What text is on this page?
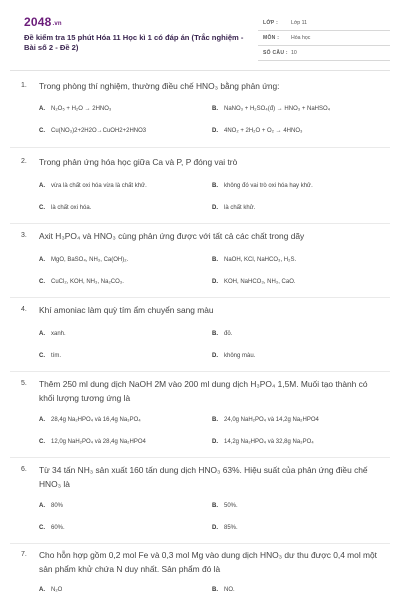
2048.vn
Đề kiểm tra 15 phút Hóa 11 Học kì 1 có đáp án (Trắc nghiệm - Bài số 2 - Đề 2)
LỚP : Lớp 11
MÔN : Hóa học
SỐ CÂU : 10
1. Trong phòng thí nghiệm, thường điều chế HNO₃ bằng phản ứng:
A. N₂O₅ + H₂O → 2HNO₃	B. NaNO₃ + H₂SO₄(đ) → HNO₃ + NaHSO₄
C. Cu(NO₃)2+2H2O→CuOH2+2HNO3	D. 4NO₂ + 2H₂O + O₂ → 4HNO₃
2. Trong phản ứng hóa học giữa Ca và P, P đóng vai trò
A. vừa là chất oxi hóa vừa là chất khử.	B. không đó vai trò oxi hóa hay khử.
C. là chất oxi hóa.	D. là chất khử.
3. Axit H₃PO₄ và HNO₃ cùng phản ứng được với tất cả các chất trong dãy
A. MgO, BaSO₄, NH₃, Ca(OH)₂.	B. NaOH, KCl, NaHCO₃, H₂S.
C. CuCl₂, KOH, NH₃, Na₂CO₃.	D. KOH, NaHCO₃, NH₃, CaO.
4. Khí amoniac làm quỳ tím ẩm chuyển sang màu
A. xanh.	B. đỏ.
C. tím.	D. không màu.
5. Thêm 250 ml dung dịch NaOH 2M vào 200 ml dung dịch H₃PO₄ 1,5M. Muối tạo thành có khối lượng tương ứng là
A. 28,4g Na₂HPO₄ và 16,4g Na₃PO₄	B. 24,0g NaH₂PO₄ và 14,2g Na₂HPO4
C. 12,0g NaH₂PO₄ và 28,4g Na₂HPO4	D. 14,2g Na₂HPO₄ và 32,8g Na₃PO₄
6. Từ 34 tấn NH₃ sản xuất 160 tấn dung dịch HNO₃ 63%. Hiệu suất của phản ứng điều chế HNO₃ là
A. 80%	B. 50%.
C. 60%.	D. 85%.
7. Cho hỗn hợp gồm 0,2 mol Fe và 0,3 mol Mg vào dung dịch HNO₃ dư thu được 0,4 mol một sản phẩm khử chứa N duy nhất. Sản phẩm đó là
A. N₂O	B. NO.
